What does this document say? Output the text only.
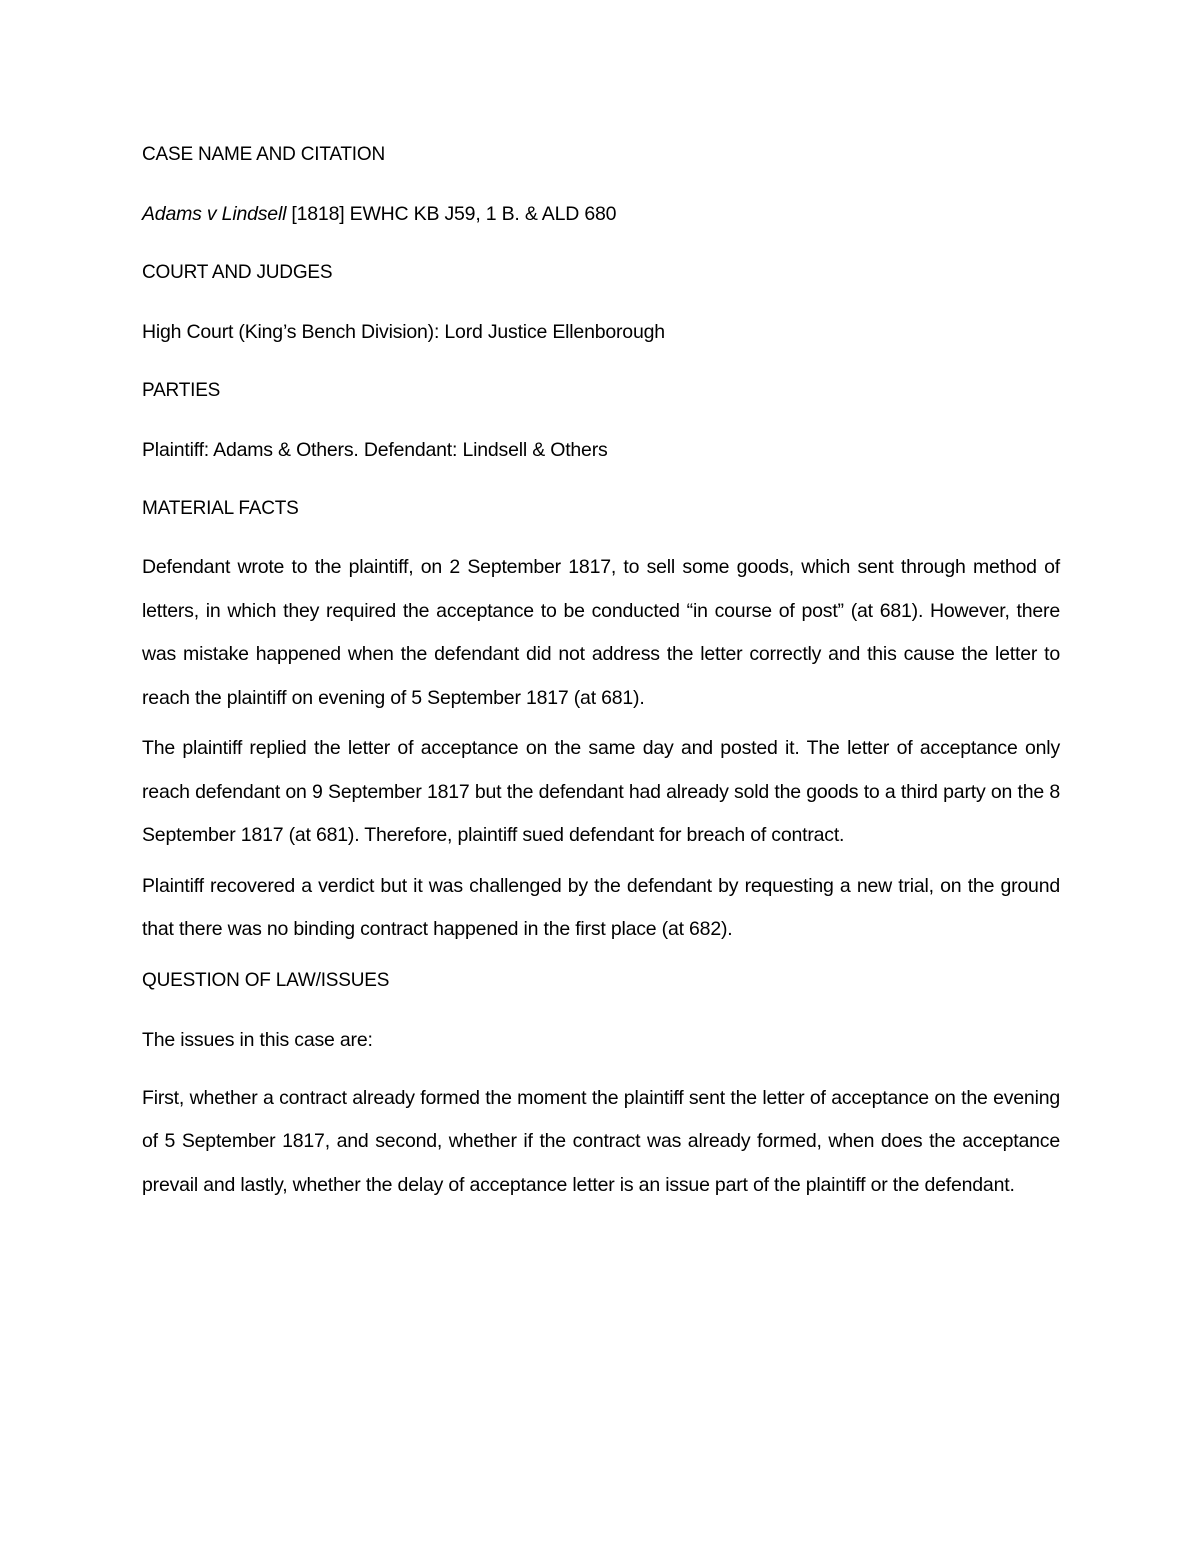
CASE NAME AND CITATION
Adams v Lindsell [1818] EWHC KB J59, 1 B. & ALD 680
COURT AND JUDGES
High Court (King’s Bench Division): Lord Justice Ellenborough
PARTIES
Plaintiff: Adams & Others. Defendant: Lindsell & Others
MATERIAL FACTS

Defendant wrote to the plaintiff, on 2 September 1817, to sell some goods, which sent through method of letters, in which they required the acceptance to be conducted “in course of post” (at 681). However, there was mistake happened when the defendant did not address the letter correctly and this cause the letter to reach the plaintiff on evening of 5 September 1817 (at 681).

The plaintiff replied the letter of acceptance on the same day and posted it. The letter of acceptance only reach defendant on 9 September 1817 but the defendant had already sold the goods to a third party on the 8 September 1817 (at 681). Therefore, plaintiff sued defendant for breach of contract.

Plaintiff recovered a verdict but it was challenged by the defendant by requesting a new trial, on the ground that there was no binding contract happened in the first place (at 682).

QUESTION OF LAW/ISSUES
The issues in this case are:

First, whether a contract already formed the moment the plaintiff sent the letter of acceptance on the evening of 5 September 1817, and second, whether if the contract was already formed, when does the acceptance prevail and lastly, whether the delay of acceptance letter is an issue part of the plaintiff or the defendant.
